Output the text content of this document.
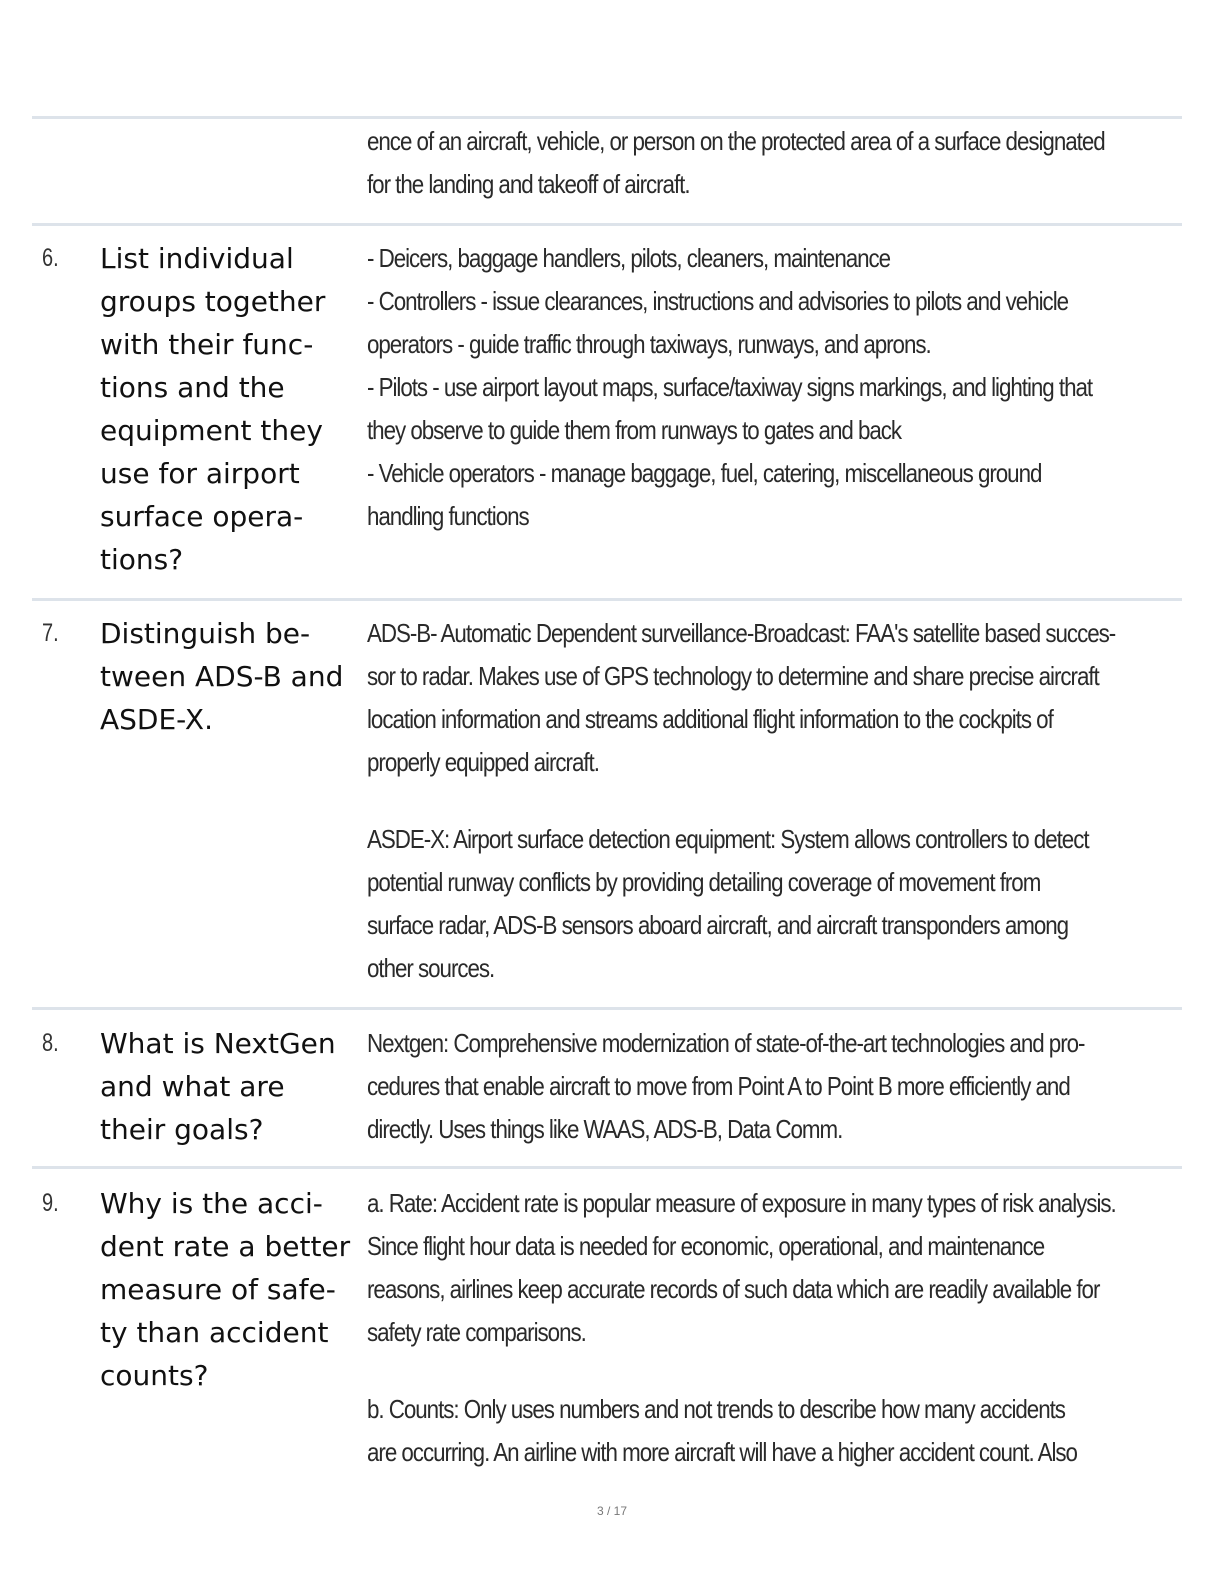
ence of an aircraft, vehicle, or person on the protected area of a surface designated
for the landing and takeoff of aircraft.
6. List individual
groups together
with their func-
tions and the
equipment they
use for airport
surface opera-
tions?
- Deicers, baggage handlers, pilots, cleaners, maintenance
- Controllers - issue clearances, instructions and advisories to pilots and vehicle
operators - guide traffic through taxiways, runways, and aprons.
- Pilots - use airport layout maps, surface/taxiway signs markings, and lighting that
they observe to guide them from runways to gates and back
- Vehicle operators - manage baggage, fuel, catering, miscellaneous ground
handling functions
7. Distinguish be-
tween ADS-B and
ASDE-X.
ADS-B- Automatic Dependent surveillance-Broadcast: FAA's satellite based succes-
sor to radar. Makes use of GPS technology to determine and share precise aircraft
location information and streams additional flight information to the cockpits of
properly equipped aircraft.
ASDE-X: Airport surface detection equipment: System allows controllers to detect
potential runway conflicts by providing detailing coverage of movement from
surface radar, ADS-B sensors aboard aircraft, and aircraft transponders among
other sources.
8. What is NextGen
and what are
their goals?
Nextgen: Comprehensive modernization of state-of-the-art technologies and pro-
cedures that enable aircraft to move from Point A to Point B more efficiently and
directly. Uses things like WAAS, ADS-B, Data Comm.
9. Why is the acci-
dent rate a better
measure of safe-
ty than accident
counts?
a. Rate: Accident rate is popular measure of exposure in many types of risk analysis.
Since flight hour data is needed for economic, operational, and maintenance
reasons, airlines keep accurate records of such data which are readily available for
safety rate comparisons.
b. Counts: Only uses numbers and not trends to describe how many accidents
are occurring. An airline with more aircraft will have a higher accident count. Also
3 / 17
